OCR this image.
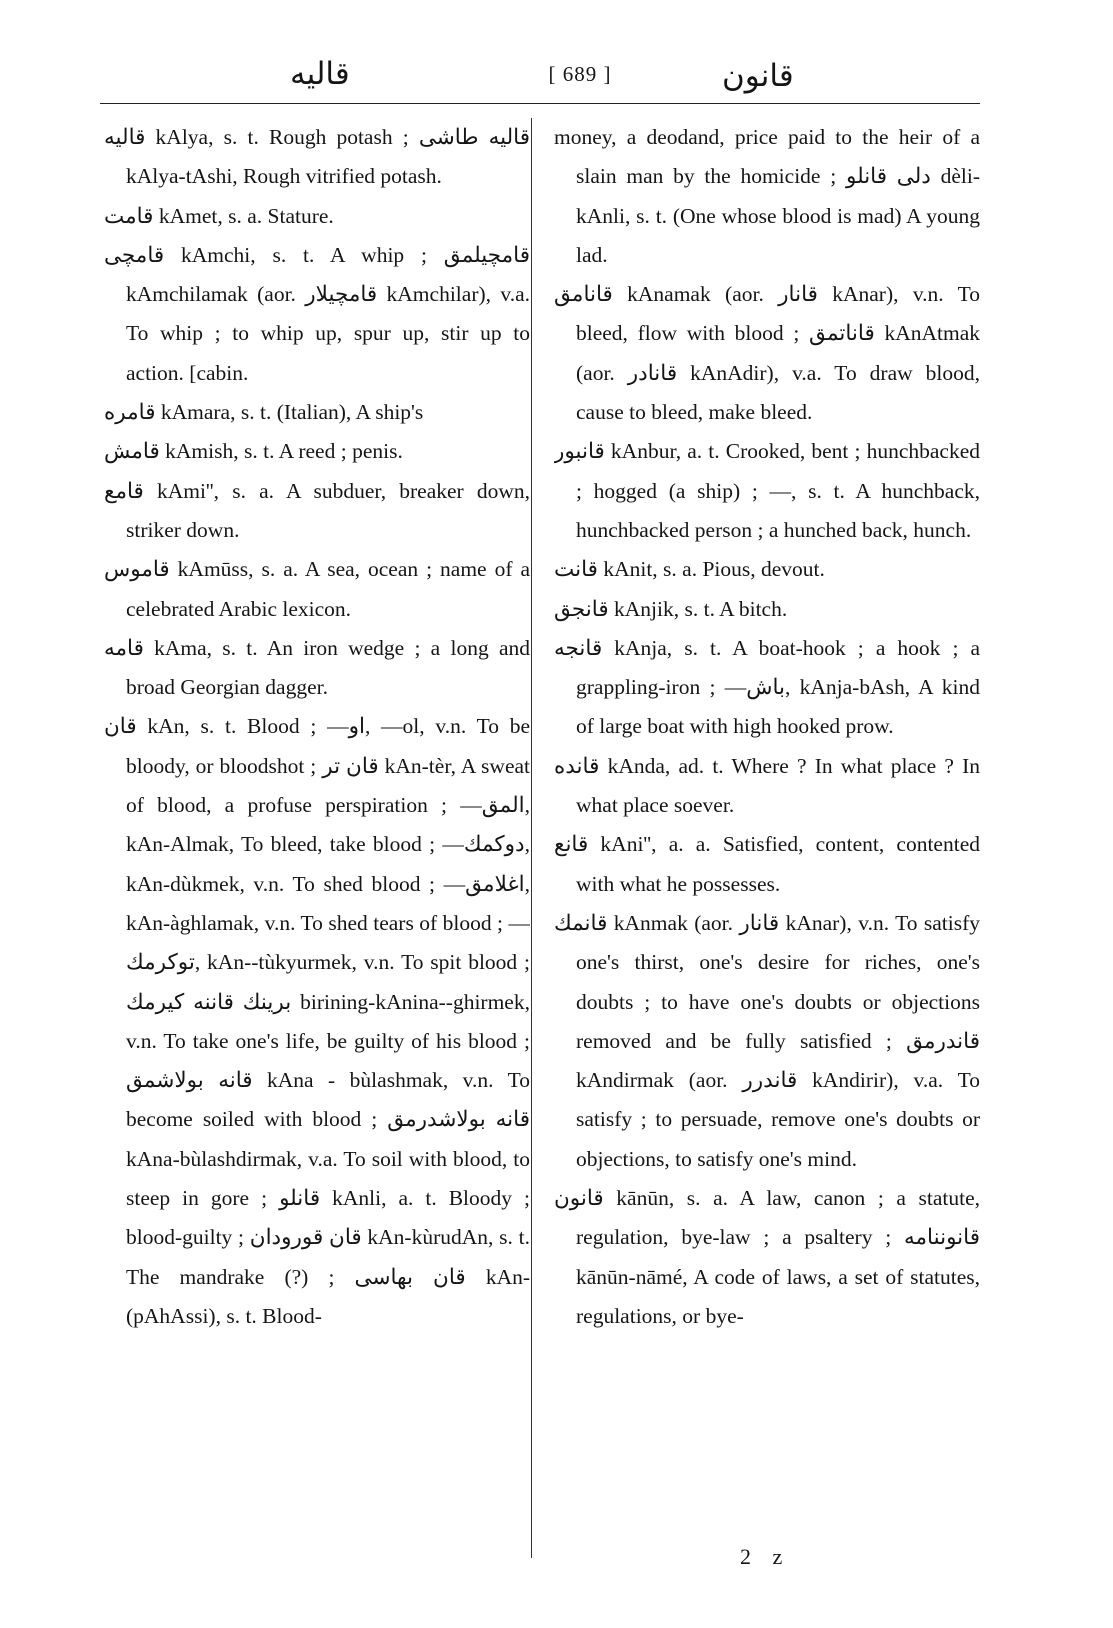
قاليه	[ 689 ]	قانون

قاليه kAlya, s. t. Rough potash ; قاليه طاشى kAlya-tAshi, Rough vitrified potash.

قامت kAmet, s. a. Stature.

قامچى kAmchi, s. t. A whip ; قامچيلمق kAmchilamak (aor. قامچيلار kAmchilar), v.a. To whip ; to whip up, spur up, stir up to action. [cabin.

قامره kAmara, s. t. (Italian), A ship's

قامش kAmish, s. t. A reed ; penis.

قامع kAmi'', s. a. A subduer, breaker down, striker down.

قاموس kAmūss, s. a. A sea, ocean ; name of a celebrated Arabic lexicon.

قامه kAma, s. t. An iron wedge ; a long and broad Georgian dagger.

قان kAn, s. t. Blood ; —او, —ol, v.n. To be bloody, or bloodshot ; قان تر kAn-tèr, A sweat of blood, a profuse perspiration ; —المق, kAn-Almak, To bleed, take blood ; —دوكمك, kAn-dùkmek, v.n. To shed blood ; —اغلامق, kAn-àghlamak, v.n. To shed tears of blood ; —توكرمك, kAn--tùkyurmek, v.n. To spit blood ; برينك قاننه كيرمك birining-kAnina--ghirmek, v.n. To take one's life, be guilty of his blood ; قانه بولاشمق kAna - bùlashmak, v.n. To become soiled with blood ; قانه بولاشدرمق kAna-bùlashdirmak, v.a. To soil with blood, to steep in gore ; قانلو kAnli, a. t. Bloody ; blood-guilty ; قان قورودان kAn-kùrudAn, s. t. The mandrake (?) ; قان بهاسى kAn-(pAhAssi), s. t. Blood-

money, a deodand, price paid to the heir of a slain man by the homicide ; دلى قانلو dèli-kAnli, s. t. (One whose blood is mad) A young lad.

قانامق kAnamak (aor. قانار kAnar), v.n. To bleed, flow with blood ; قاناتمق kAnAtmak (aor. قانادر kAnAdir), v.a. To draw blood, cause to bleed, make bleed.

قانبور kAnbur, a. t. Crooked, bent ; hunchbacked ; hogged (a ship) ; —, s. t. A hunchback, hunchbacked person ; a hunched back, hunch.

قانت kAnit, s. a. Pious, devout.

قانجق kAnjik, s. t. A bitch.

قانجه kAnja, s. t. A boat-hook ; a hook ; a grappling-iron ; —باش, kAnja-bAsh, A kind of large boat with high hooked prow.

قانده kAnda, ad. t. Where ? In what place ? In what place soever.

قانع kAni'', a. a. Satisfied, content, contented with what he possesses.

قانمك kAnmak (aor. قانار kAnar), v.n. To satisfy one's thirst, one's desire for riches, one's doubts ; to have one's doubts or objections removed and be fully satisfied ; قاندرمق kAndirmak (aor. قاندرر kAndirir), v.a. To satisfy ; to persuade, remove one's doubts or objections, to satisfy one's mind.

قانون kānūn, s. a. A law, canon ; a statute, regulation, bye-law ; a psaltery ; قانوننامه kānūn-nāmé, A code of laws, a set of statutes, regulations, or bye-

2 z
